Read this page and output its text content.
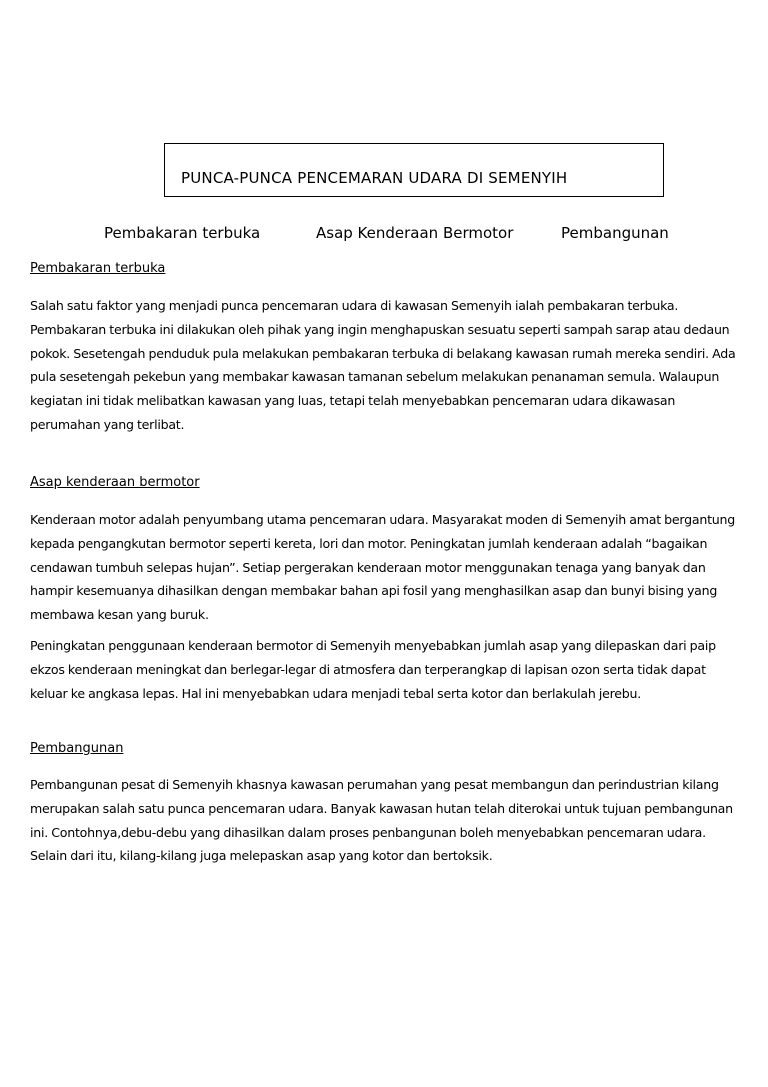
PUNCA-PUNCA PENCEMARAN UDARA DI SEMENYIH
Pembakaran terbuka	Asap Kenderaan Bermotor	Pembangunan
Pembakaran terbuka

Salah satu faktor yang menjadi punca pencemaran udara di kawasan Semenyih ialah pembakaran terbuka. Pembakaran terbuka ini dilakukan oleh pihak yang ingin menghapuskan sesuatu seperti sampah sarap atau dedaun pokok. Sesetengah penduduk pula melakukan pembakaran terbuka di belakang kawasan rumah mereka sendiri. Ada pula sesetengah pekebun yang membakar kawasan tamanan sebelum melakukan penanaman semula. Walaupun kegiatan ini tidak melibatkan kawasan yang luas, tetapi telah menyebabkan pencemaran udara dikawasan perumahan yang terlibat.

Asap kenderaan bermotor

Kenderaan motor adalah penyumbang utama pencemaran udara. Masyarakat moden di Semenyih amat bergantung kepada pengangkutan bermotor seperti kereta, lori dan motor. Peningkatan jumlah kenderaan adalah “bagaikan cendawan tumbuh selepas hujan”. Setiap pergerakan kenderaan motor menggunakan tenaga yang banyak dan hampir kesemuanya dihasilkan dengan membakar bahan api fosil yang menghasilkan asap dan bunyi bising yang membawa kesan yang buruk.

Peningkatan penggunaan kenderaan bermotor di Semenyih menyebabkan jumlah asap yang dilepaskan dari paip ekzos kenderaan meningkat dan berlegar-legar di atmosfera dan terperangkap di lapisan ozon serta tidak dapat keluar ke angkasa lepas. Hal ini menyebabkan udara menjadi tebal serta kotor dan berlakulah jerebu.

Pembangunan

Pembangunan pesat di Semenyih khasnya kawasan perumahan yang pesat membangun dan perindustrian kilang merupakan salah satu punca pencemaran udara. Banyak kawasan hutan telah diterokai untuk tujuan pembangunan ini. Contohnya,debu-debu yang dihasilkan dalam proses penbangunan boleh menyebabkan pencemaran udara. Selain dari itu, kilang-kilang juga melepaskan asap yang kotor dan bertoksik.
